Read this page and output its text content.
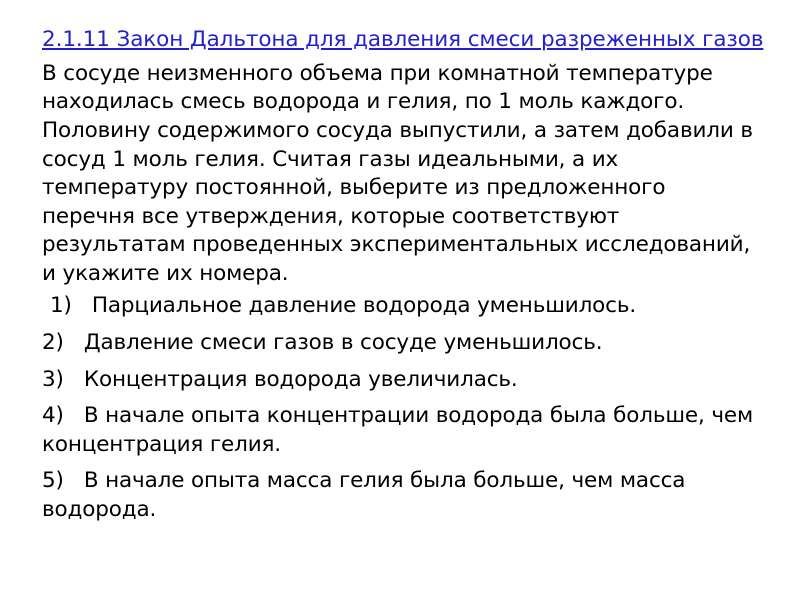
2.1.11 Закон Дальтона для давления смеси разреженных газов
В сосуде неизменного объема при комнатной температуре находилась смесь водорода и гелия, по 1 моль каждого. Половину содержимого сосуда выпустили, а затем добавили в сосуд 1 моль гелия. Считая газы идеальными, а их температуру постоянной, выберите из предложенного перечня все утверждения, которые соответствуют результатам проведенных экспериментальных исследований, и укажите их номера.
1)   Парциальное давление водорода уменьшилось.
2)   Давление смеси газов в сосуде уменьшилось.
3)   Концентрация водорода увеличилась.
4)   В начале опыта концентрации водорода была больше, чем концентрация гелия.
5)   В начале опыта масса гелия была больше, чем масса водорода.
